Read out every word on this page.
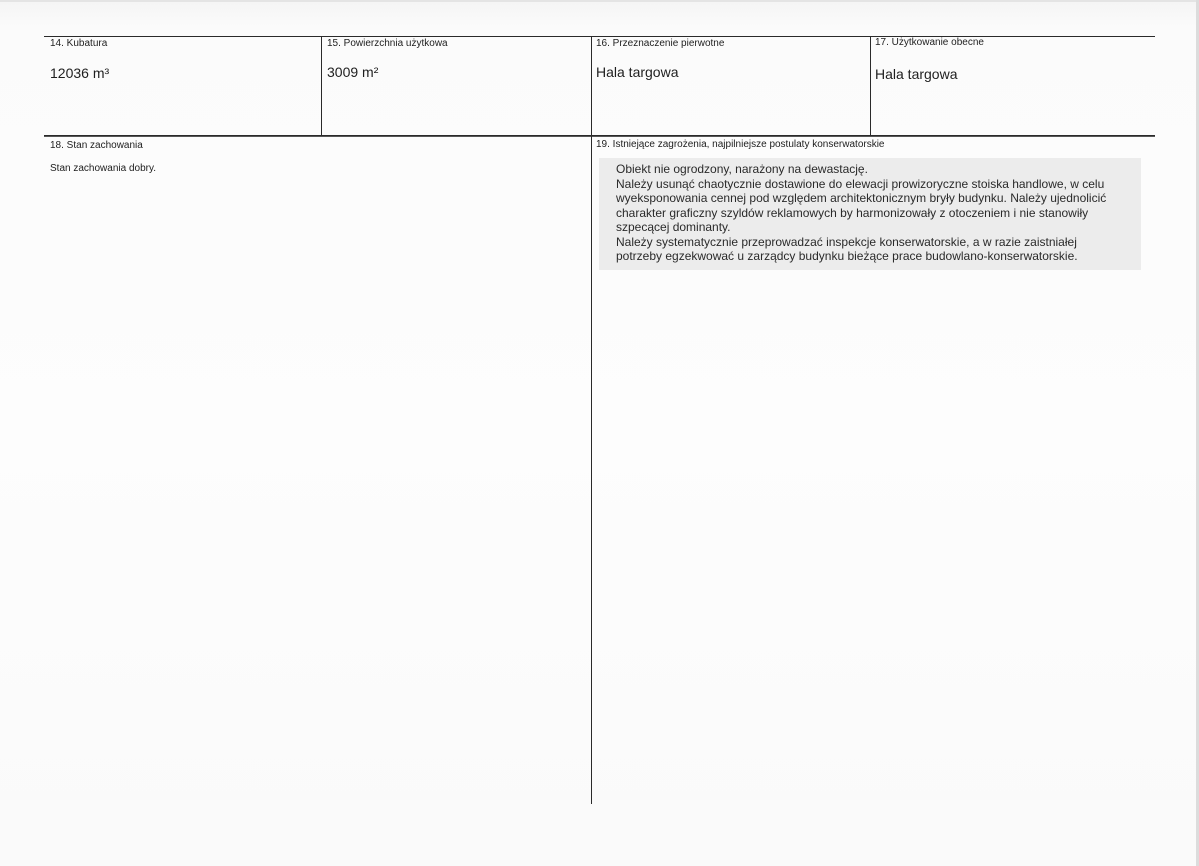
14. Kubatura
12036 m³
15. Powierzchnia użytkowa
3009 m²
16. Przeznaczenie pierwotne
Hala targowa
17. Użytkowanie obecne
Hala targowa
18. Stan zachowania
Stan zachowania dobry.
19. Istniejące zagrożenia, najpilniejsze postulaty konserwatorskie

Obiekt nie ogrodzony, narażony na dewastację.

Należy usunąć chaotycznie dostawione do elewacji prowizoryczne stoiska handlowe, w celu wyeksponowania cennej pod względem architektonicznym bryły budynku. Należy ujednolicić charakter graficzny szyldów reklamowych by harmonizowały z otoczeniem i nie stanowiły szpecącej dominanty.

Należy systematycznie przeprowadzać inspekcje konserwatorskie, a w razie zaistniałej potrzeby egzekwować u zarządcy budynku bieżące prace budowlano-konserwatorskie.
